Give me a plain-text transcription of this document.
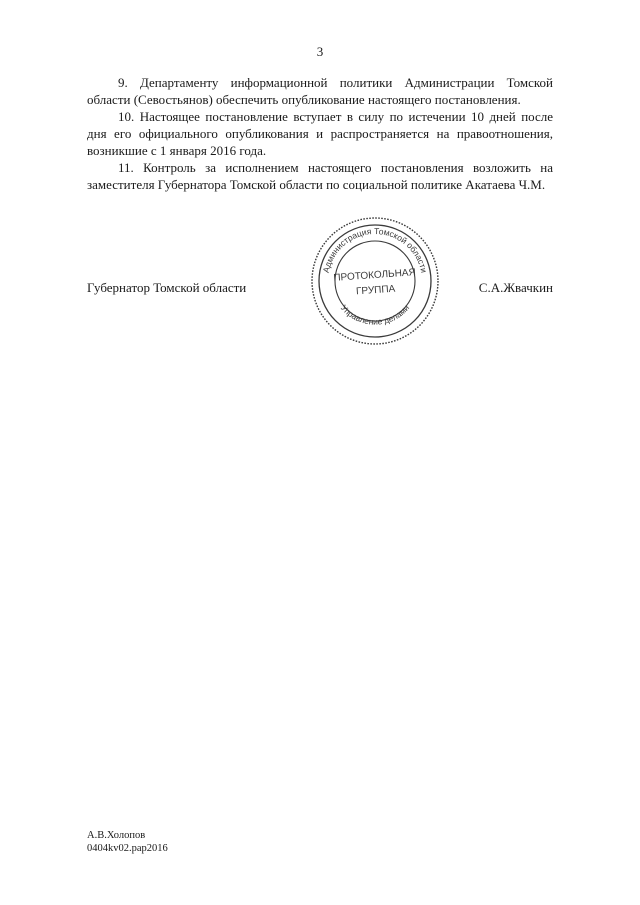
3

9. Департаменту информационной политики Администрации Томской области (Севостьянов) обеспечить опубликование настоящего постановления.

10. Настоящее постановление вступает в силу по истечении 10 дней после дня его официального опубликования и распространяется на правоотношения, возникшие с 1 января 2016 года.

11. Контроль за исполнением настоящего постановления возложить на заместителя Губернатора Томской области по социальной политике Акатаева Ч.М.

Губернатор Томской области	С.А.Жвачкин
Администрация Томской области
Управление делами
ПРОТОКОЛЬНАЯ
ГРУППА
А.В.Холопов
0404kv02.pap2016
